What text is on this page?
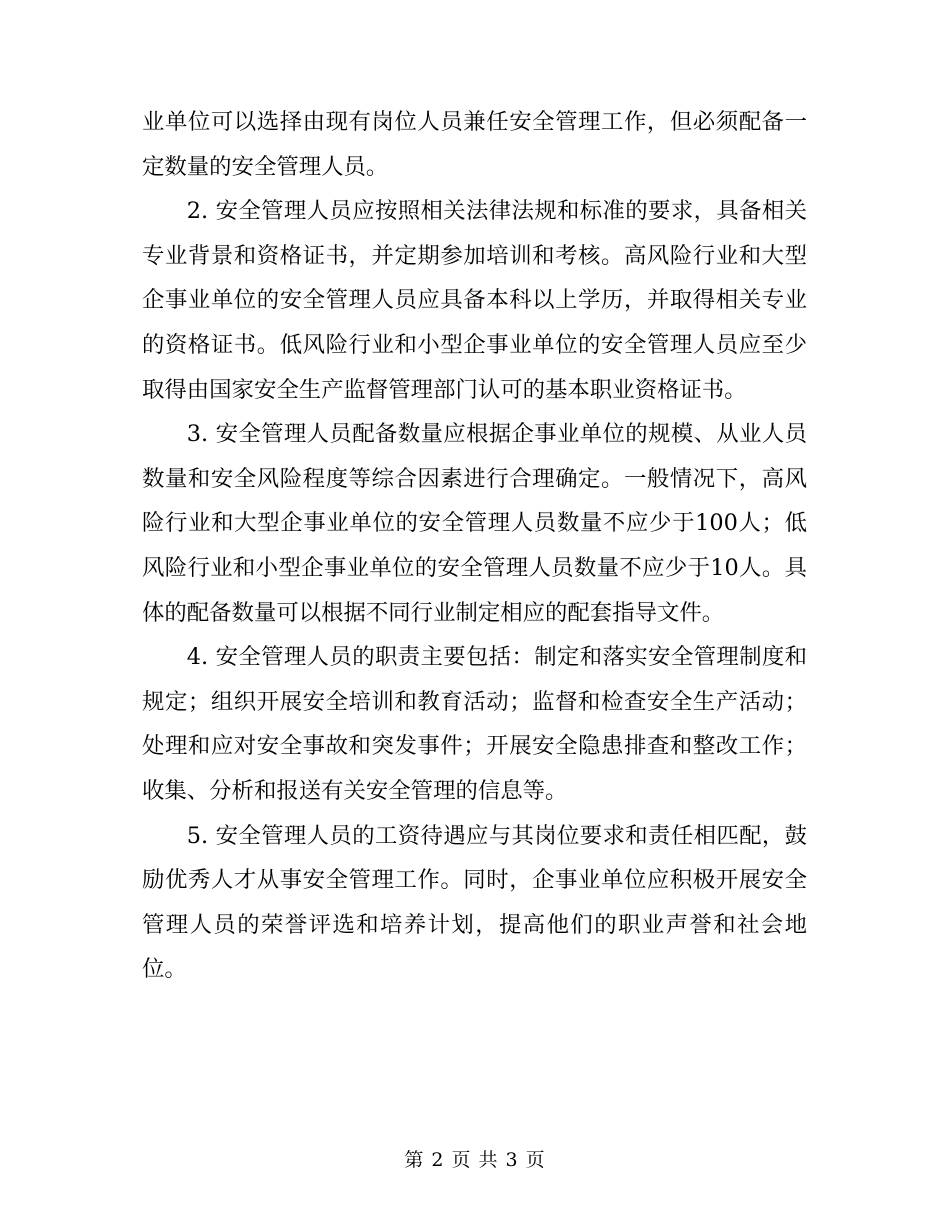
业单位可以选择由现有岗位人员兼任安全管理工作，但必须配备一定数量的安全管理人员。

2. 安全管理人员应按照相关法律法规和标准的要求，具备相关专业背景和资格证书，并定期参加培训和考核。高风险行业和大型企事业单位的安全管理人员应具备本科以上学历，并取得相关专业的资格证书。低风险行业和小型企事业单位的安全管理人员应至少取得由国家安全生产监督管理部门认可的基本职业资格证书。

3. 安全管理人员配备数量应根据企事业单位的规模、从业人员数量和安全风险程度等综合因素进行合理确定。一般情况下，高风险行业和大型企事业单位的安全管理人员数量不应少于100人；低风险行业和小型企事业单位的安全管理人员数量不应少于10人。具体的配备数量可以根据不同行业制定相应的配套指导文件。

4. 安全管理人员的职责主要包括：制定和落实安全管理制度和规定；组织开展安全培训和教育活动；监督和检查安全生产活动；处理和应对安全事故和突发事件；开展安全隐患排查和整改工作；收集、分析和报送有关安全管理的信息等。

5. 安全管理人员的工资待遇应与其岗位要求和责任相匹配，鼓励优秀人才从事安全管理工作。同时，企事业单位应积极开展安全管理人员的荣誉评选和培养计划，提高他们的职业声誉和社会地位。

第 2 页 共 3 页
